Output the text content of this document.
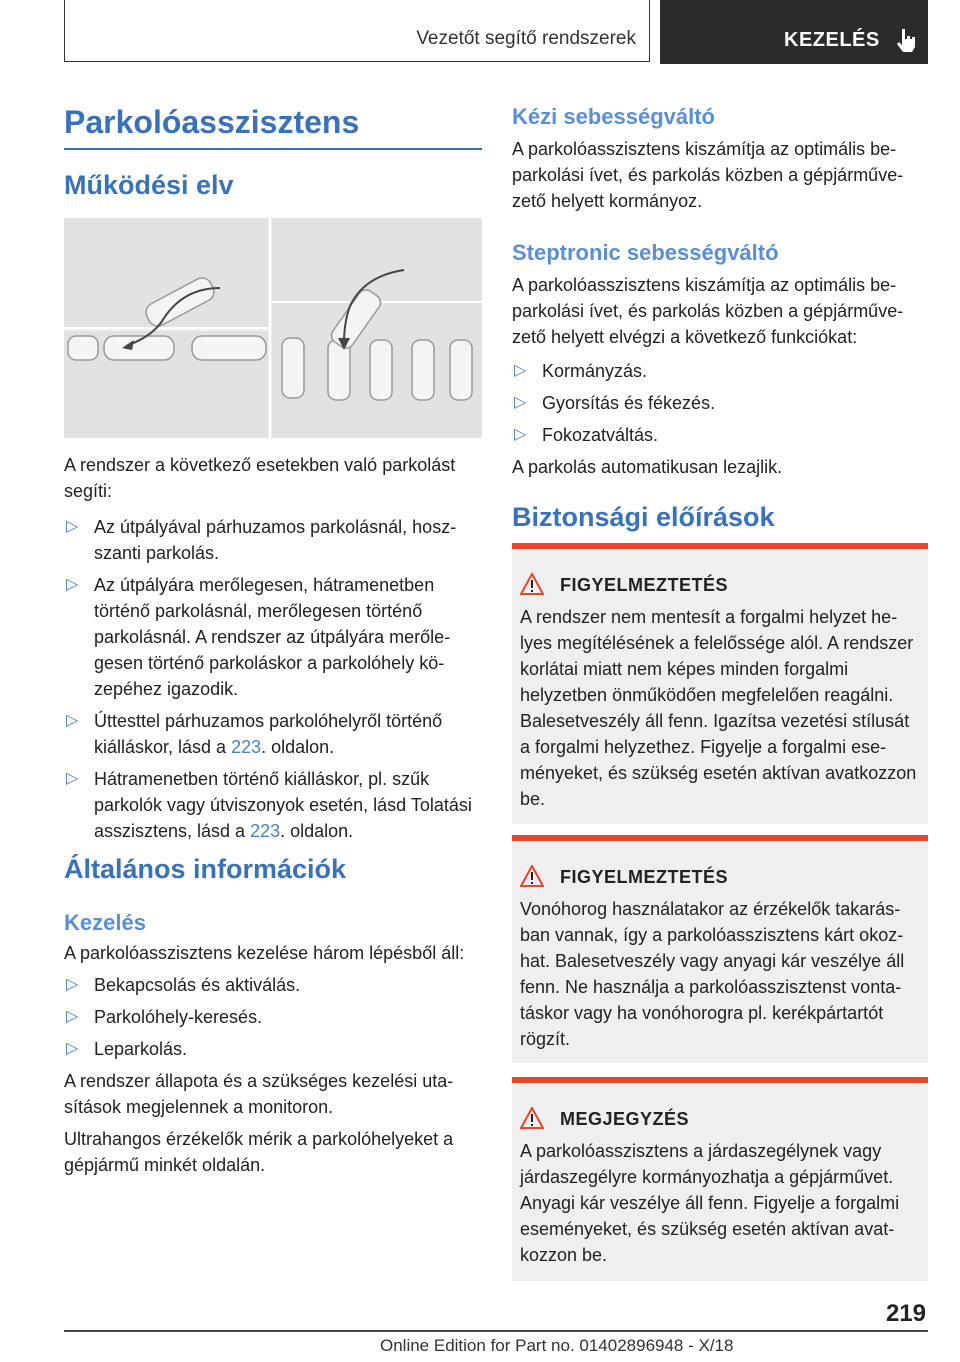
Vezetőt segítő rendszerek	KEZELÉS
Parkolóasszisztens
Működési elv

A rendszer a következő esetekben való parkolást segíti:

▷ Az útpályával párhuzamos parkolásnál, hoszszanti parkolás.
▷ Az útpályára merőlegesen, hátramenetben történő parkolásnál, merőlegesen történő parkolásnál. A rendszer az útpályára merőlegesen történő parkoláskor a parkolóhely közepéhez igazodik.
▷ Úttesttel párhuzamos parkolóhelyről történő kiálláskor, lásd a 223. oldalon.
▷ Hátramenetben történő kiálláskor, pl. szűk parkolók vagy útviszonyok esetén, lásd Tolatási asszisztens, lásd a 223. oldalon.
Általános információk
Kezelés

A parkolóasszisztens kezelése három lépésből áll:

▷ Bekapcsolás és aktiválás.
▷ Parkolóhely-keresés.
▷ Leparkolás.

A rendszer állapota és a szükséges kezelési utasítások megjelennek a monitoron.

Ultrahangos érzékelők mérik a parkolóhelyeket a gépjármű minkét oldalán.

Kézi sebességváltó

A parkolóasszisztens kiszámítja az optimális beparkolási ívet, és parkolás közben a gépjárművezető helyett kormányoz.

Steptronic sebességváltó

A parkolóasszisztens kiszámítja az optimális beparkolási ívet, és parkolás közben a gépjárművezető helyett elvégzi a következő funkciókat:

▷ Kormányzás.
▷ Gyorsítás és fékezés.
▷ Fokozatváltás.

A parkolás automatikusan lezajlik.

Biztonsági előírások
FIGYELMEZTETÉS

A rendszer nem mentesít a forgalmi helyzet helyes megítélésének a felelőssége alól. A rendszer korlátai miatt nem képes minden forgalmi helyzetben önműködően megfelelően reagálni. Balesetveszély áll fenn. Igazítsa vezetési stílusát a forgalmi helyzethez. Figyelje a forgalmi eseményeket, és szükség esetén aktívan avatkozzon be.

FIGYELMEZTETÉS

Vonóhorog használatakor az érzékelők takarásban vannak, így a parkolóasszisztens kárt okozhat. Balesetveszély vagy anyagi kár veszélye áll fenn. Ne használja a parkolóasszisztenst vontatáskor vagy ha vonóhorogra pl. kerékpártartót rögzít.

MEGJEGYZÉS

A parkolóasszisztens a járdaszegélynek vagy járdaszegélyre kormányozhatja a gépjárművet. Anyagi kár veszélye áll fenn. Figyelje a forgalmi eseményeket, és szükség esetén aktívan avatkozzon be.

219
Online Edition for Part no. 01402896948 - X/18
